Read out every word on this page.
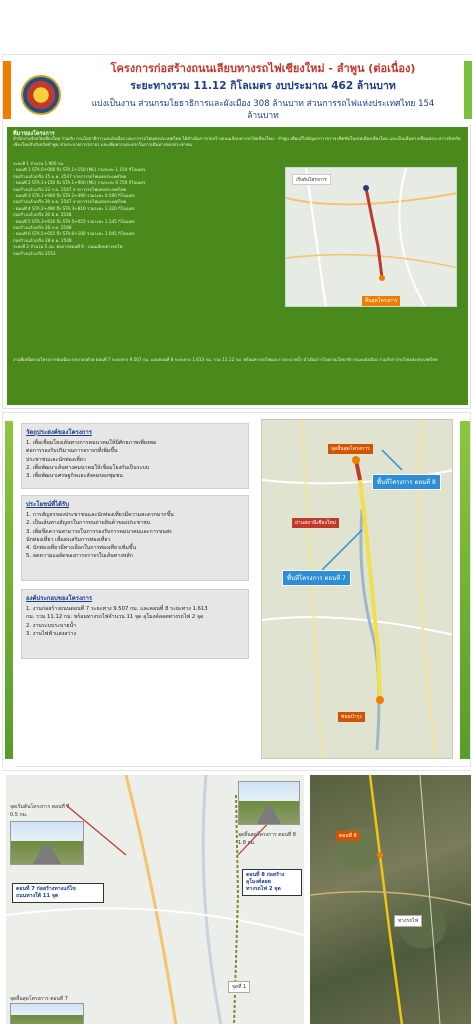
โครงการก่อสร้างถนนเลียบทางรถไฟเชียงใหม่ - ลำพูน (ต่อเนื่อง)
ระยะทางรวม 11.12 กิโลเมตร งบประมาณ 462 ล้านบาท
แบ่งเป็นงาน ส่วนกรมโยธาธิการและผังเมือง 308 ล้านบาท ส่วนการรถไฟแห่งประเทศไทย 154 ล้านบาท
ที่มาของโครงการ
สำนักงานจังหวัดเชียงใหม่ ร่วมกับ กรมโยธาธิการและผังเมือง และการรถไฟแห่งประเทศไทย ได้ดำเนินการก่อสร้างถนนเลียบทางรถไฟเชียงใหม่ - ลำพูน เพื่อแก้ไขปัญหาการจราจรติดขัดในเขตเมืองเชียงใหม่ และเป็นเส้นทางเชื่อมต่อระหว่างจังหวัดเชียงใหม่กับจังหวัดลำพูน ช่วยระบายการจราจร และเพิ่มความสะดวกในการเดินทางของประชาชน
ระยะที่ 1 จำนวน 1.900 กม.
- ตอนที่ 1 STA.0+000 ถึง STA.1+150 (ML) รวมระยะ 1.150 กิโลเมตร
ก่อสร้างแล้วเสร็จ 25 ม.ค. 2547 จากการรถไฟแห่งประเทศไทย
- ตอนที่ 2 STA.1+150 ถึง STA.1+900 (ML) รวมระยะ 0.750 กิโลเมตร
ก่อสร้างแล้วเสร็จ 22 ก.ค. 2547 จากการรถไฟแห่งประเทศไทย
- ตอนที่ 3 STA.1+900 ถึง STA.2+490 รวมระยะ 0.590 กิโลเมตร
ก่อสร้างแล้วเสร็จ 30 ธ.ค. 2547 จากการรถไฟแห่งประเทศไทย
- ตอนที่ 4 STA.2+490 ถึง STA.3+810 รวมระยะ 1.320 กิโลเมตร
ก่อสร้างแล้วเสร็จ 30 มิ.ย. 2548
- ตอนที่ 5 STA.3+810 ถึง STA.5+055 รวมระยะ 1.245 กิโลเมตร
ก่อสร้างแล้วเสร็จ 26 ก.ค. 2548
- ตอนที่ 6 STA.5+055 ถึง STA.6+100 รวมระยะ 1.045 กิโลเมตร
ก่อสร้างแล้วเสร็จ 28 ต.ค. 2548
ระยะที่ 2 จำนวน 5 กม. ต่อจากตอนที่ 6 - ถนนเลียบทางรถไฟ
ก่อสร้างแล้วเสร็จ 2553
เริ่มต้นโครงการ
สิ้นสุดโครงการ
งานที่เหลือตามโครงการต่อเนื่อง ประกอบด้วย ตอนที่ 7 ระยะทาง 9.507 กม. และตอนที่ 8 ระยะทาง 1.613 กม. รวม 11.12 กม. พร้อมทางรถไฟและรางระบายน้ำ ดำเนินการโดยกรมโยธาธิการและผังเมือง ร่วมกับการรถไฟแห่งประเทศไทย
วัตถุประสงค์ของโครงการ
1. เพื่อเชื่อมโยงเส้นทางการคมนาคมให้มีศักยภาพเพียงพอ
ต่อการรองรับปริมาณการจราจรที่เพิ่มขึ้น
ประชาชนและนักท่องเที่ยว
2. เพื่อพัฒนาเส้นทางคมนาคมให้เชื่อมโยงกันเป็นระบบ
3. เพื่อพัฒนาเศรษฐกิจและสังคมของชุมชน
ประโยชน์ที่ได้รับ
1. การสัญจรของประชาชนและนักท่องเที่ยวมีความสะดวกมากขึ้น
2. เป็นเส้นทางสัญจรในการขนถ่ายสินค้าของประชาชน
3. เพิ่มขีดความสามารถในการรองรับการคมนาคมและการขนส่ง
นักท่องเที่ยว เพื่อส่งเสริมการท่องเที่ยว
4. นักท่องเที่ยวมีทางเลือกในการท่องเที่ยวเพิ่มขึ้น
5. ลดความแออัดของการจราจรในเส้นทางหลัก
องค์ประกอบของโครงการ
1. งานก่อสร้างถนนตอนที่ 7 ระยะทาง 9.507 กม. และตอนที่ 8 ระยะทาง 1.613
กม. รวม 11.12 กม. พร้อมทางรถไฟจำนวน 11 จุด อุโมงค์ลอดทางรถไฟ 2 จุด
2. งานระบบระบายน้ำ
3. งานไฟฟ้าแสงสว่าง
จุดสิ้นสุดโครงการ
พื้นที่โครงการ ตอนที่ 8
ย่านสถานีเชียงใหม่
พื้นที่โครงการ ตอนที่ 7
ซ่อมบำรุง
จุดเริ่มต้นโครงการ ตอนที่ 7
0.5 กม.
ตอนที่ 7 ก่อสร้างทางแก้ไข
ถนนทางใต้ 11 จุด
จุดสิ้นสุดโครงการ ตอนที่ 8
1.8 กม.
ตอนที่ 8 ก่อสร้างอุโมงค์ลอด
ทางรถไฟ 2 จุด
จุดสิ้นสุดโครงการ ตอนที่ 7
จุดที่ 1
ตอนที่ 8
ทางรถไฟ
